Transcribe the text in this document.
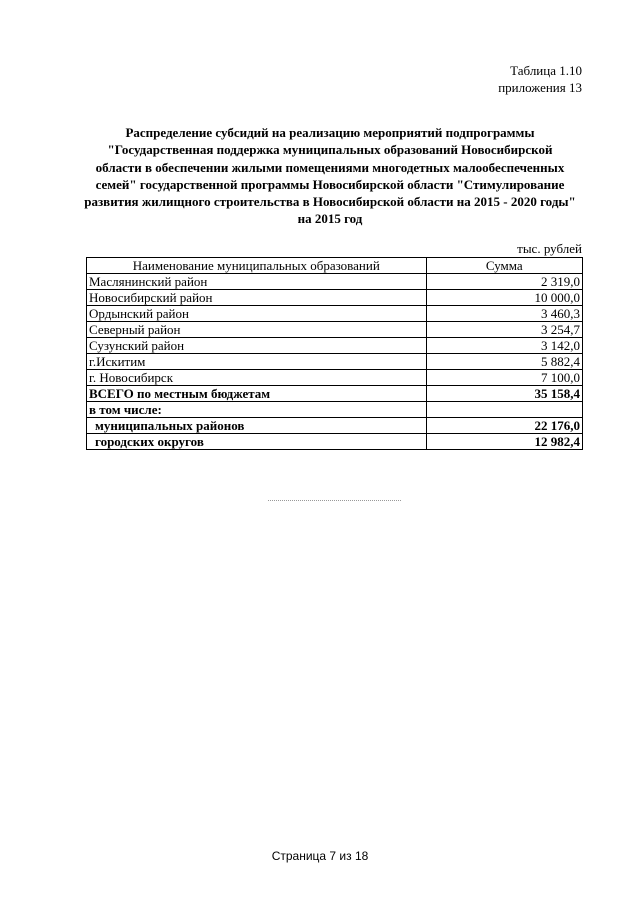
Таблица 1.10
приложения 13
Распределение субсидий на реализацию мероприятий подпрограммы
"Государственная поддержка муниципальных образований Новосибирской
области в обеспечении жилыми помещениями многодетных малообеспеченных
семей" государственной программы Новосибирской области "Стимулирование
развития жилищного строительства в Новосибирской области на 2015 - 2020 годы"
на 2015 год
тыс. рублей
Наименование муниципальных образований	Сумма
Маслянинский район	2 319,0
Новосибирский район	10 000,0
Ордынский район	3 460,3
Северный район	3 254,7
Сузунский район	3 142,0
г.Искитим	5 882,4
г. Новосибирск	7 100,0
ВСЕГО по местным бюджетам	35 158,4
в том числе:	
муниципальных районов	22 176,0
городских округов	12 982,4
Страница 7 из 18
